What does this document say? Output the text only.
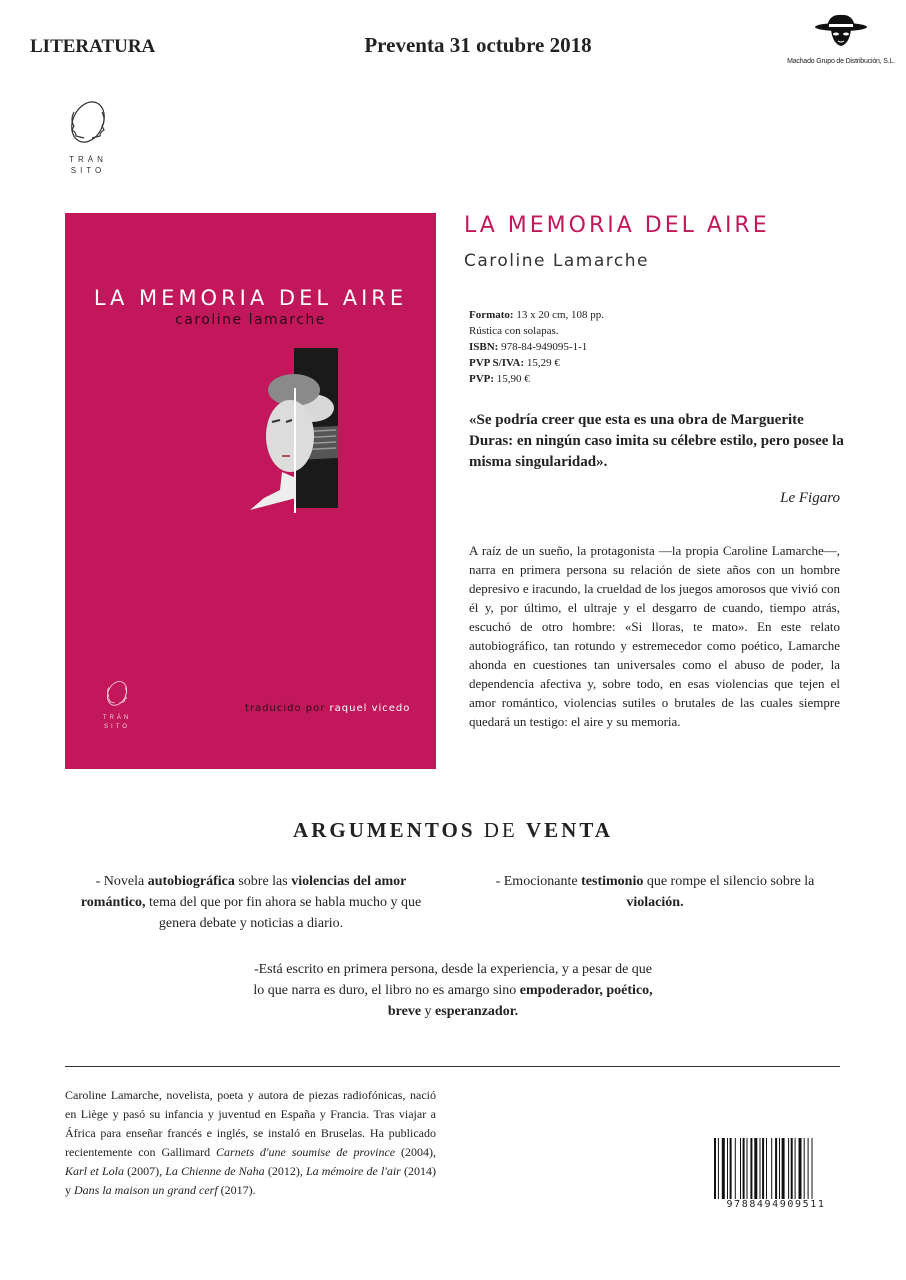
LITERATURA	Preventa 31 octubre 2018
Machado Grupo de Distribución, S.L.
TRÁN
SITO
LA MEMORIA DEL AIRE
caroline lamarche
TRÁN
SITO
traducido por raquel vicedo
LA MEMORIA DEL AIRE
Caroline Lamarche
Formato: 13 x 20 cm, 108 pp.
Rústica con solapas.
ISBN: 978-84-949095-1-1
PVP S/IVA: 15,29 €
PVP: 15,90 €
«Se podría creer que esta es una obra de Marguerite Duras: en ningún caso imita su célebre estilo, pero posee la misma singularidad».
Le Figaro
A raíz de un sueño, la protagonista —la propia Caroline Lamarche—, narra en primera persona su relación de siete años con un hombre depresivo e iracundo, la crueldad de los juegos amorosos que vivió con él y, por último, el ultraje y el desgarro de cuando, tiempo atrás, escuchó de otro hombre: «Si lloras, te mato». En este relato autobiográfico, tan rotundo y estremecedor como poético, Lamarche ahonda en cuestiones tan universales como el abuso de poder, la dependencia afectiva y, sobre todo, en esas violencias que tejen el amor romántico, violencias sutiles o brutales de las cuales siempre quedará un testigo: el aire y su memoria.
ARGUMENTOS DE VENTA
- Novela autobiográfica sobre las violencias del amor romántico, tema del que por fin ahora se habla mucho y que genera debate y noticias a diario.
- Emocionante testimonio que rompe el silencio sobre la violación.
-Está escrito en primera persona, desde la experiencia, y a pesar de que lo que narra es duro, el libro no es amargo sino empoderador, poético, breve y esperanzador.
Caroline Lamarche, novelista, poeta y autora de piezas radiofónicas, nació en Liège y pasó su infancia y juventud en España y Francia. Tras viajar a África para enseñar francés e inglés, se instaló en Bruselas. Ha publicado recientemente con Gallimard Carnets d'une soumise de province (2004), Karl et Lola (2007), La Chienne de Naha (2012), La mémoire de l'air (2014) y Dans la maison un grand cerf (2017).
9788494909511
